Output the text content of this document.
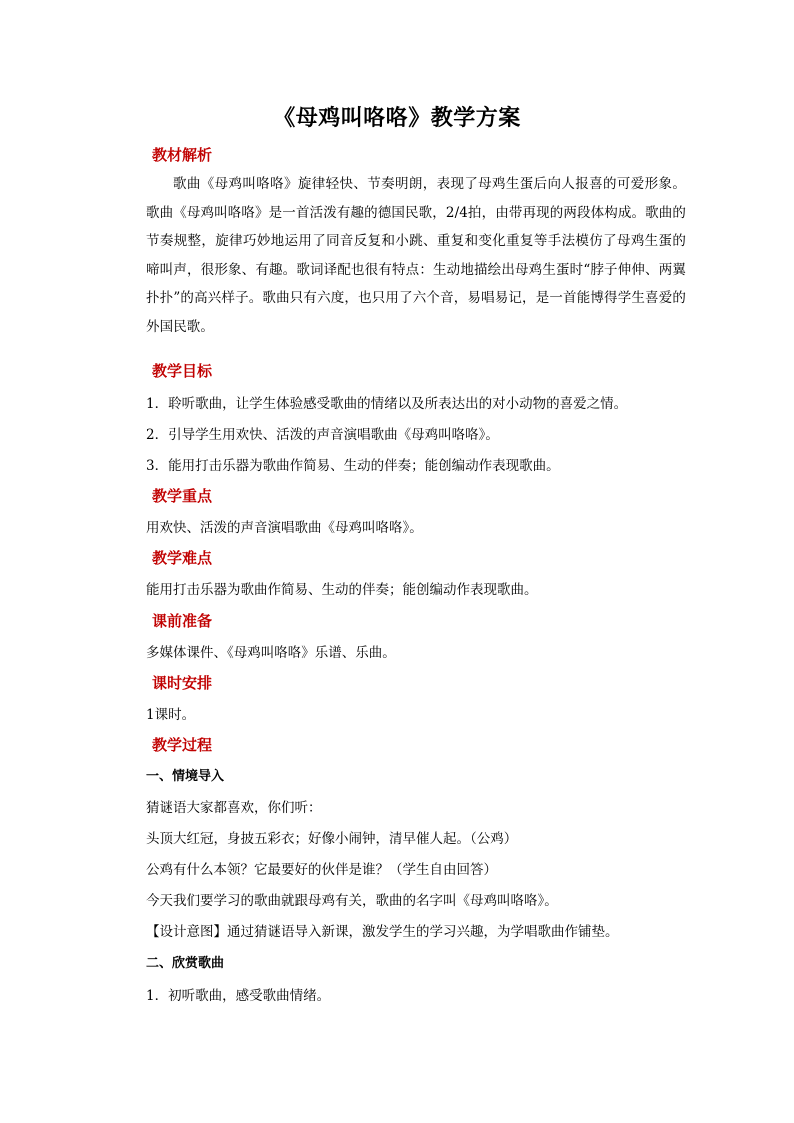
《母鸡叫咯咯》教学方案
教材解析
歌曲《母鸡叫咯咯》旋律轻快、节奏明朗，表现了母鸡生蛋后向人报喜的可爱形象。歌曲《母鸡叫咯咯》是一首活泼有趣的德国民歌，2/4拍，由带再现的两段体构成。歌曲的节奏规整，旋律巧妙地运用了同音反复和小跳、重复和变化重复等手法模仿了母鸡生蛋的啼叫声，很形象、有趣。歌词译配也很有特点：生动地描绘出母鸡生蛋时“脖子伸伸、两翼扑扑”的高兴样子。歌曲只有六度，也只用了六个音，易唱易记，是一首能博得学生喜爱的外国民歌。
教学目标
1．聆听歌曲，让学生体验感受歌曲的情绪以及所表达出的对小动物的喜爱之情。
2．引导学生用欢快、活泼的声音演唱歌曲《母鸡叫咯咯》。
3．能用打击乐器为歌曲作简易、生动的伴奏；能创编动作表现歌曲。
教学重点
用欢快、活泼的声音演唱歌曲《母鸡叫咯咯》。
教学难点
能用打击乐器为歌曲作简易、生动的伴奏；能创编动作表现歌曲。
课前准备
多媒体课件、《母鸡叫咯咯》乐谱、乐曲。
课时安排
1课时。
教学过程
一、情境导入
猜谜语大家都喜欢，你们听：
头顶大红冠，身披五彩衣；好像小闹钟，清早催人起。（公鸡）
公鸡有什么本领？它最要好的伙伴是谁？（学生自由回答）
今天我们要学习的歌曲就跟母鸡有关，歌曲的名字叫《母鸡叫咯咯》。
【设计意图】通过猜谜语导入新课，激发学生的学习兴趣，为学唱歌曲作铺垫。
二、欣赏歌曲
1．初听歌曲，感受歌曲情绪。
